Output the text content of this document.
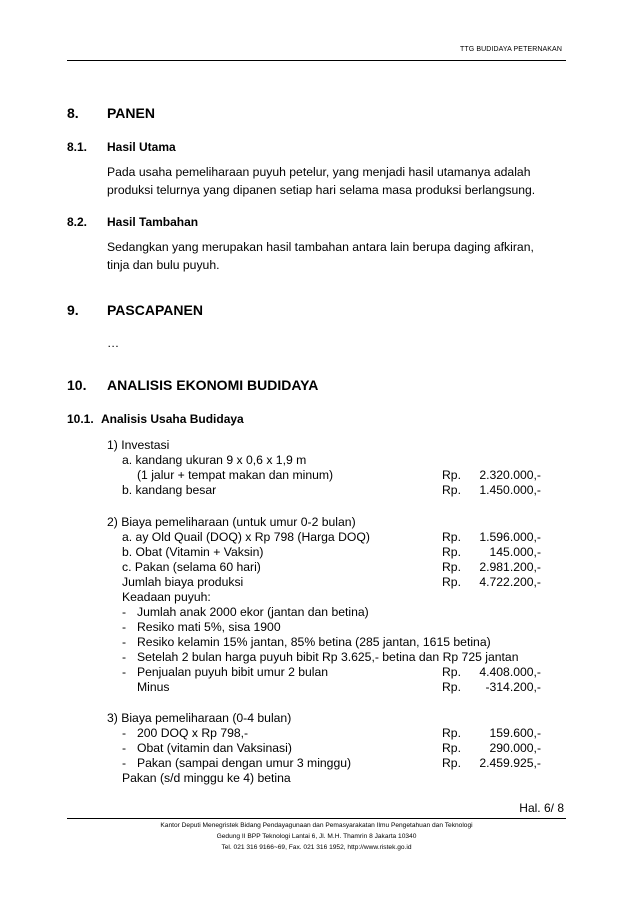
TTG BUDIDAYA PETERNAKAN
8. PANEN
8.1. Hasil Utama
Pada usaha pemeliharaan puyuh petelur, yang menjadi hasil utamanya adalah
produksi telurnya yang dipanen setiap hari selama masa produksi berlangsung.
8.2. Hasil Tambahan
Sedangkan yang merupakan hasil tambahan antara lain berupa daging afkiran,
tinja dan bulu puyuh.
9. PASCAPANEN
…
10. ANALISIS EKONOMI BUDIDAYA
10.1. Analisis Usaha Budidaya
1) Investasi
a. kandang ukuran 9 x 0,6 x 1,9 m
(1 jalur + tempat makan dan minum)	Rp.	2.320.000,-
b. kandang besar	Rp.	1.450.000,-
2) Biaya pemeliharaan (untuk umur 0-2 bulan)
a. ay Old Quail (DOQ) x Rp 798 (Harga DOQ)	Rp.	1.596.000,-
b. Obat (Vitamin + Vaksin)	Rp.	145.000,-
c. Pakan (selama 60 hari)	Rp.	2.981.200,-
Jumlah biaya produksi	Rp.	4.722.200,-
Keadaan puyuh:
- Jumlah anak 2000 ekor (jantan dan betina)
- Resiko mati 5%, sisa 1900
- Resiko kelamin 15% jantan, 85% betina (285 jantan, 1615 betina)
- Setelah 2 bulan harga puyuh bibit Rp 3.625,- betina dan Rp 725 jantan
- Penjualan puyuh bibit umur 2 bulan	Rp.	4.408.000,-
Minus	Rp.	-314.200,-
3) Biaya pemeliharaan (0-4 bulan)
- 200 DOQ x Rp 798,-	Rp.	159.600,-
- Obat (vitamin dan Vaksinasi)	Rp.	290.000,-
- Pakan (sampai dengan umur 3 minggu)	Rp.	2.459.925,-
Pakan (s/d minggu ke 4) betina
Hal. 6/ 8
Kantor Deputi Menegristek Bidang Pendayagunaan dan Pemasyarakatan Ilmu Pengetahuan dan Teknologi
Gedung II BPP Teknologi Lantai 6, Jl. M.H. Thamrin 8 Jakarta 10340
Tel. 021 316 9166~69, Fax. 021 316 1952, http://www.ristek.go.id
